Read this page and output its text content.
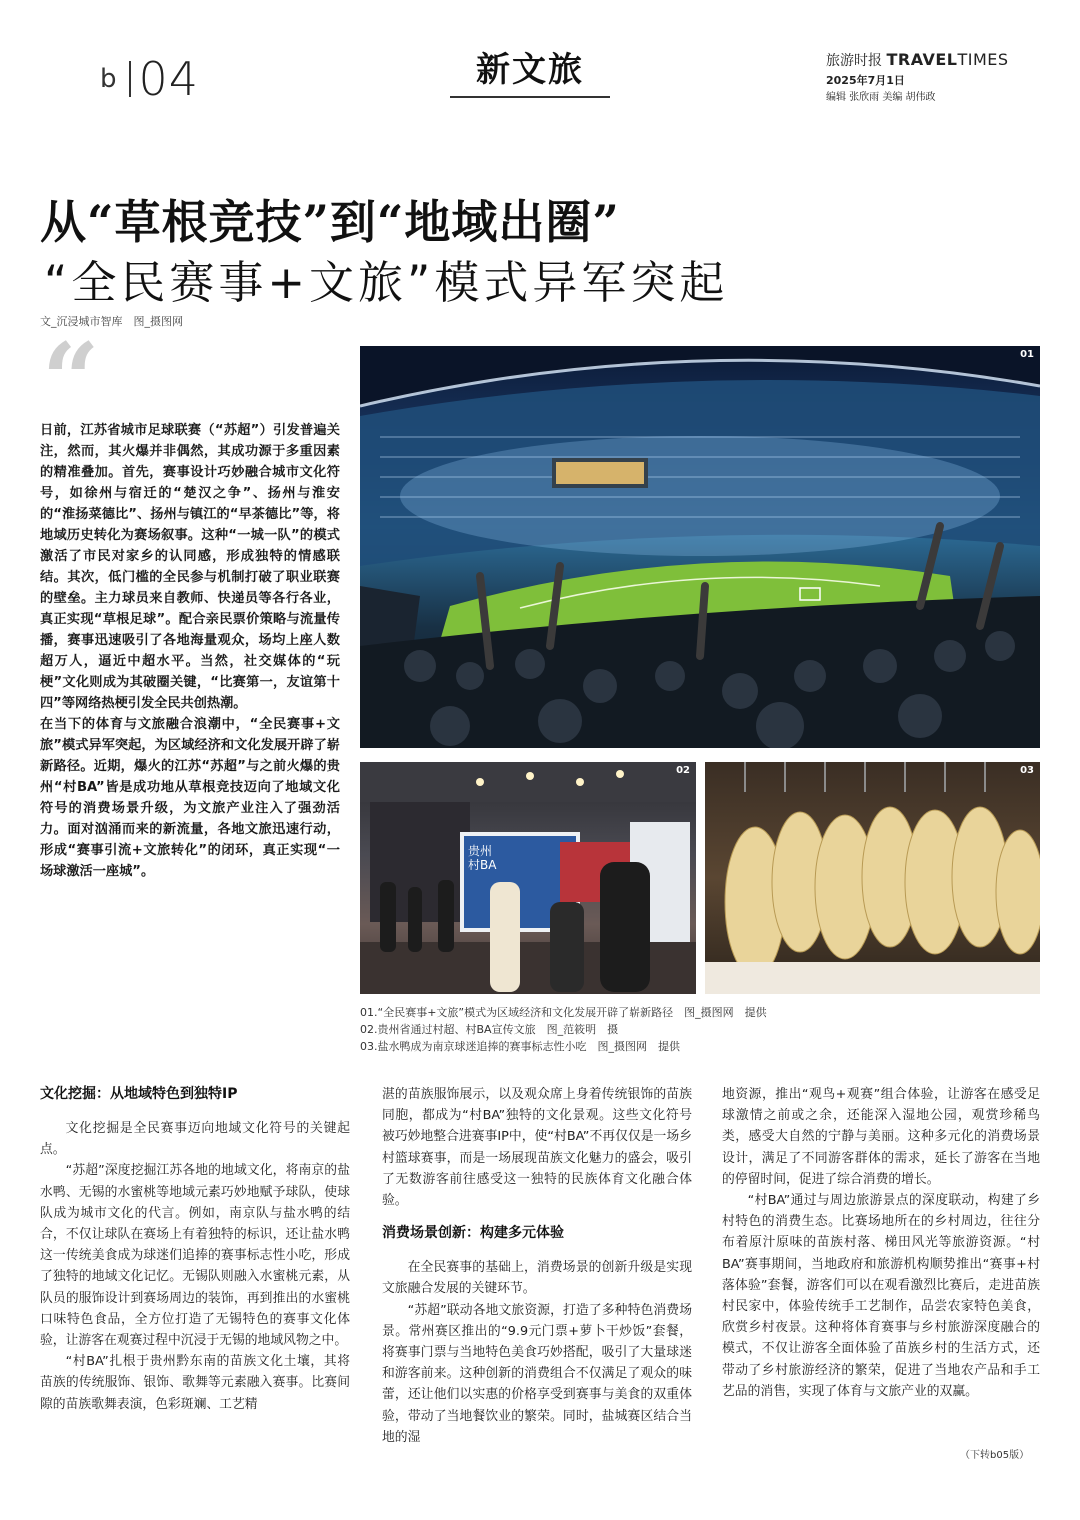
b 04	新文旅	旅游时报 TRAVELTIMES
2025年7月1日
编辑 张欣雨 美编 胡伟政
从“草根竞技”到“地域出圈”
“全民赛事+文旅”模式异军突起
文_沉浸城市智库　图_摄图网
“

日前，江苏省城市足球联赛（“苏超”）引发普遍关注，然而，其火爆并非偶然，其成功源于多重因素的精准叠加。首先，赛事设计巧妙融合城市文化符号，如徐州与宿迁的“楚汉之争”、扬州与淮安的“淮扬菜德比”、扬州与镇江的“早茶德比”等，将地域历史转化为赛场叙事。这种“一城一队”的模式激活了市民对家乡的认同感，形成独特的情感联结。其次，低门槛的全民参与机制打破了职业联赛的壁垒。主力球员来自教师、快递员等各行各业，真正实现“草根足球”。配合亲民票价策略与流量传播，赛事迅速吸引了各地海量观众，场均上座人数超万人，逼近中超水平。当然，社交媒体的“玩梗”文化则成为其破圈关键，“比赛第一，友谊第十四”等网络热梗引发全民共创热潮。

在当下的体育与文旅融合浪潮中，“全民赛事+文旅”模式异军突起，为区域经济和文化发展开辟了崭新路径。近期，爆火的江苏“苏超”与之前火爆的贵州“村BA”皆是成功地从草根竞技迈向了地域文化符号的消费场景升级，为文旅产业注入了强劲活力。面对汹涌而来的新流量，各地文旅迅速行动，形成“赛事引流+文旅转化”的闭环，真正实现“一场球激活一座城”。

01
贵州
村BA
02	03
01.“全民赛事+文旅”模式为区域经济和文化发展开辟了崭新路径　图_摄图网　提供
02.贵州省通过村超、村BA宣传文旅　图_范筱明　摄
03.盐水鸭成为南京球迷追捧的赛事标志性小吃　图_摄图网　提供
文化挖掘：从地域特色到独特IP

文化挖掘是全民赛事迈向地域文化符号的关键起点。

“苏超”深度挖掘江苏各地的地域文化，将南京的盐水鸭、无锡的水蜜桃等地域元素巧妙地赋予球队，使球队成为城市文化的代言。例如，南京队与盐水鸭的结合，不仅让球队在赛场上有着独特的标识，还让盐水鸭这一传统美食成为球迷们追捧的赛事标志性小吃，形成了独特的地域文化记忆。无锡队则融入水蜜桃元素，从队员的服饰设计到赛场周边的装饰，再到推出的水蜜桃口味特色食品，全方位打造了无锡特色的赛事文化体验，让游客在观赛过程中沉浸于无锡的地域风物之中。

“村BA”扎根于贵州黔东南的苗族文化土壤，其将苗族的传统服饰、银饰、歌舞等元素融入赛事。比赛间隙的苗族歌舞表演，色彩斑斓、工艺精

湛的苗族服饰展示，以及观众席上身着传统银饰的苗族同胞，都成为“村BA”独特的文化景观。这些文化符号被巧妙地整合进赛事IP中，使“村BA”不再仅仅是一场乡村篮球赛事，而是一场展现苗族文化魅力的盛会，吸引了无数游客前往感受这一独特的民族体育文化融合体验。

消费场景创新：构建多元体验

在全民赛事的基础上，消费场景的创新升级是实现文旅融合发展的关键环节。

“苏超”联动各地文旅资源，打造了多种特色消费场景。常州赛区推出的“9.9元门票+萝卜干炒饭”套餐，将赛事门票与当地特色美食巧妙搭配，吸引了大量球迷和游客前来。这种创新的消费组合不仅满足了观众的味蕾，还让他们以实惠的价格享受到赛事与美食的双重体验，带动了当地餐饮业的繁荣。同时，盐城赛区结合当地的湿

地资源，推出“观鸟+观赛”组合体验，让游客在感受足球激情之前或之余，还能深入湿地公园，观赏珍稀鸟类，感受大自然的宁静与美丽。这种多元化的消费场景设计，满足了不同游客群体的需求，延长了游客在当地的停留时间，促进了综合消费的增长。

“村BA”通过与周边旅游景点的深度联动，构建了乡村特色的消费生态。比赛场地所在的乡村周边，往往分布着原汁原味的苗族村落、梯田风光等旅游资源。“村BA”赛事期间，当地政府和旅游机构顺势推出“赛事+村落体验”套餐，游客们可以在观看激烈比赛后，走进苗族村民家中，体验传统手工艺制作，品尝农家特色美食，欣赏乡村夜景。这种将体育赛事与乡村旅游深度融合的模式，不仅让游客全面体验了苗族乡村的生活方式，还带动了乡村旅游经济的繁荣，促进了当地农产品和手工艺品的消售，实现了体育与文旅产业的双赢。

（下转b05版）
